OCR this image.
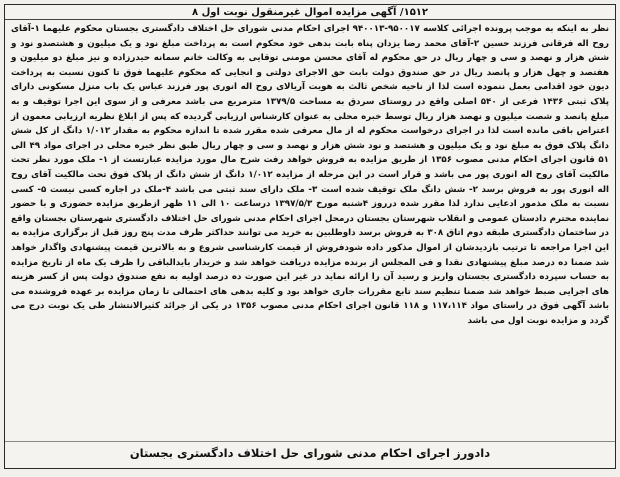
۱۵۱۲/ آگهی مزایده اموال غیرمنقول نوبت اول ۸
نظر به اینکه به موجب پرونده اجرائی کلاسه ۹۵۰۰۱۷-۹۴۰۰۱۳ اجرای احکام مدنی شورای حل اختلاف دادگستری بجستان محکوم علیهما ۱-آقای روح اله فرقانی فرزند حسین ۲-آقای محمد رضا یزدان پناه بابت بدهی خود محکوم است به پرداخت مبلغ نود و یک میلیون و هشتصدو نود و شش هزار و نهصد و سی و چهار ریال در حق محکوم له آقای محسن مومنی توقایی به وکالت خانم سمانه حیدرزاده و نیز مبلغ دو میلیون و هفتصد و چهل هزار و پانصد ریال در حق صندوق دولت بابت حق الاجرای دولتی و انجایی که محکوم علیهما فوق تا کنون نسبت به پرداخت دیون خود اقدامی بعمل ننموده است لذا از ناحیه شخص ثالث به هویت آریالای روح اله انوری پور فرزند عباس یک باب منزل مسکونی دارای پلاک ثبتی ۱۴۳۶ فرعی از ۵۴۰ اصلی واقع در روستای سردق به مساحت ۱۳۷۹/۵ مترمربع می باشد معرفی و از سوی این اجرا توقیف و به مبلغ پانصد و شصت میلیون و نهصد هزار ریال توسط خبره محلی به عنوان کارشناس ارزیابی گردیده که پس از ابلاغ نظریه ارزیابی معمون از اعتراض باقی مانده است لذا در اجرای درخواست محکوم له از مال معرفی شده مقرر شده تا اندازه محکوم به مقدار ۱/۰۱۲ دانگ از کل شش دانگ پلاک فوق به مبلغ نود و یک میلیون و هشتصد و نود شش هزار و نهصد و سی و چهار ریال طبق نظر خبره محلی در اجرای مواد ۴۹ الی ۵۱ قانون اجرای احکام مدنی مصوب ۱۳۵۶ از طریق مزایده به فروش خواهد رفت شرح مال مورد مزایده عبارتست از ۱- ملک مورد نظر تحت مالکیت آقای روح اله انوری پور می باشد و قرار است در این مرحله از مزایده ۱/۰۱۲ دانگ از شش دانگ از پلاک فوق تحت مالکیت آقای روح اله انوری پور به فروش برسد ۲- شش دانگ ملک توقیف شده است ۳- ملک دارای سند ثبتی می باشد ۴-ملک در اجاره کسی نیست ۵- کسی نسبت به ملک مذمور ادعایی ندارد لذا مقرر شده درروز ۴شنبه مورخ ۱۳۹۷/۵/۳ درساعت ۱۰ الی ۱۱ ظهر ازطریق مزایده حضوری و با حضور نماینده محترم دادستان عمومی و انقلاب شهرستان بجستان درمحل اجرای احکام مدنی شورای حل اختلاف دادگستری شهرستان بجستان واقع در ساختمان دادگستری طبقه دوم اتاق ۳۰۸ به فروش برسد داوطلبین به خرید می توانند حداکثر ظرف مدت پنج روز قبل از برگزاری مزایده به این اجرا مراجعه تا ترتیب بازدیدشان از اموال مذکور داده شودفروش از قیمت کارشناسی شروع و به بالاترین قیمت پیشنهادی واگذار خواهد شد ضمنا ده درصد مبلغ پیشنهادی نقدا و فی المجلس از برنده مزایده دریافت خواهد شد و خریدار بایدالباقی را ظرف یک ماه از تاریخ مزایده به حساب سپرده دادگستری بجستان واریز و رسید آن را ارائه نماید در غیر این صورت ده درصد اولیه به نفع صندوق دولت پس از کسر هزینه های اجرایی ضبط خواهد شد ضمنا تنظیم سند تابع مقررات جاری خواهد بود و کلیه بدهی های احتمالی تا زمان مزایده بر عهده فروشنده می باشد آگهی فوق در راستای مواد ۱۱۷،۱۱۴ و ۱۱۸ قانون اجرای احکام مدنی مصوب ۱۳۵۶ در یکی از جرائد کثیرالانتشار طی یک نوبت درج می گردد و مزایده نوبت اول می باشد
دادورز اجرای احکام مدنی شورای حل اختلاف دادگستری بجستان
